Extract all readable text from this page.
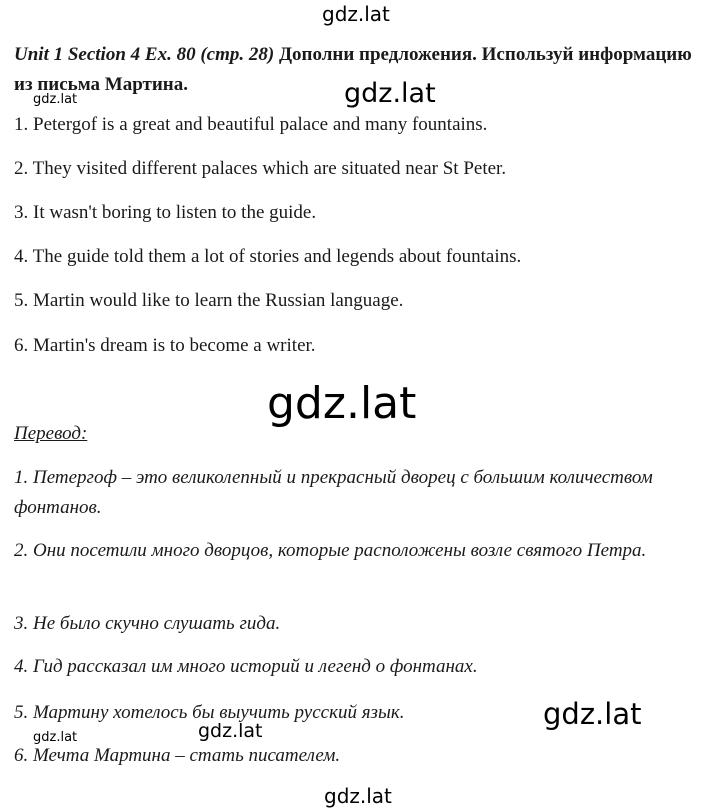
gdz.lat
Unit 1 Section 4 Ex. 80 (стр. 28) Дополни предложения. Используй информацию из письма Мартина.
gdz.lat	gdz.lat
1. Petergof is a great and beautiful palace and many fountains.
2. They visited different palaces which are situated near St Peter.
3. It wasn't boring to listen to the guide.
4. The guide told them a lot of stories and legends about fountains.
5. Martin would like to learn the Russian language.
6. Martin's dream is to become a writer.
gdz.lat
Перевод:
1. Петергоф – это великолепный и прекрасный дворец с большим количеством фонтанов.
2. Они посетили много дворцов, которые расположены возле святого Петра.
3. Не было скучно слушать гида.
4. Гид рассказал им много историй и легенд о фонтанах.
5. Мартину хотелось бы выучить русский язык.
6. Мечта Мартина – стать писателем.
gdz.lat
gdz.lat	gdz.lat
gdz.lat
